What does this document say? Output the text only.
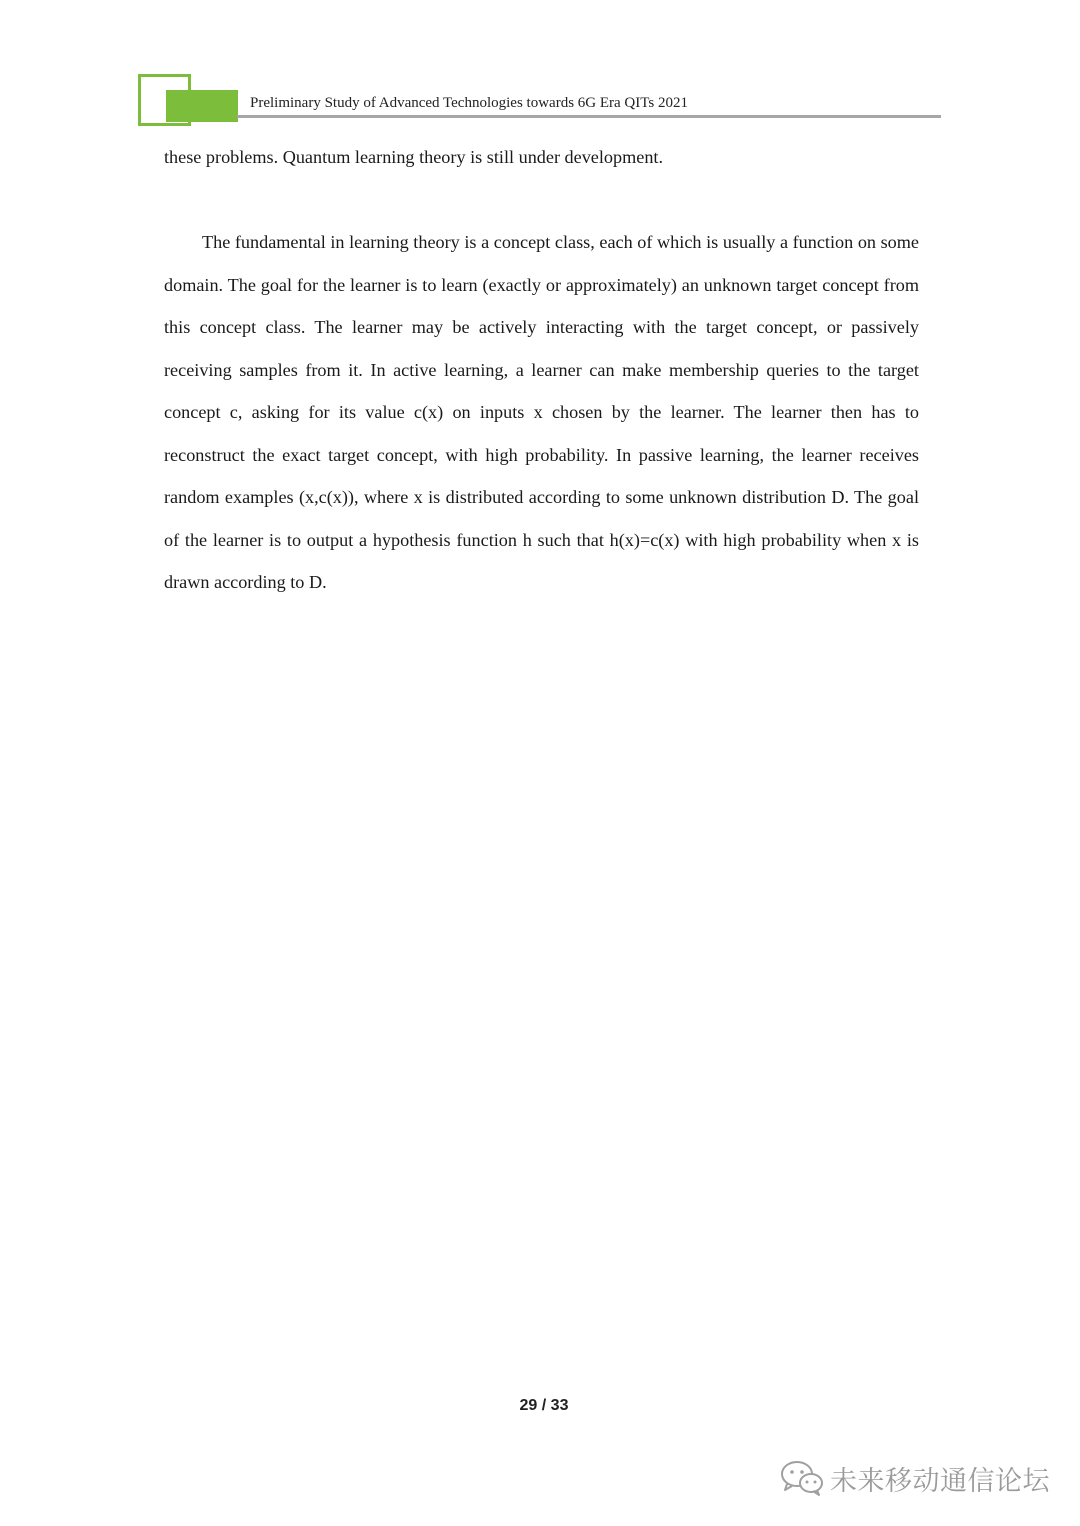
Preliminary Study of Advanced Technologies towards 6G Era QITs 2021

these problems. Quantum learning theory is still under development.

The fundamental in learning theory is a concept class, each of which is usually a function on some domain. The goal for the learner is to learn (exactly or approximately) an unknown target concept from this concept class. The learner may be actively interacting with the target concept, or passively receiving samples from it. In active learning, a learner can make membership queries to the target concept c, asking for its value c(x) on inputs x chosen by the learner. The learner then has to reconstruct the exact target concept, with high probability. In passive learning, the learner receives random examples (x,c(x)), where x is distributed according to some unknown distribution D. The goal of the learner is to output a hypothesis function h such that h(x)=c(x) with high probability when x is drawn according to D.

29 / 33
未来移动通信论坛
